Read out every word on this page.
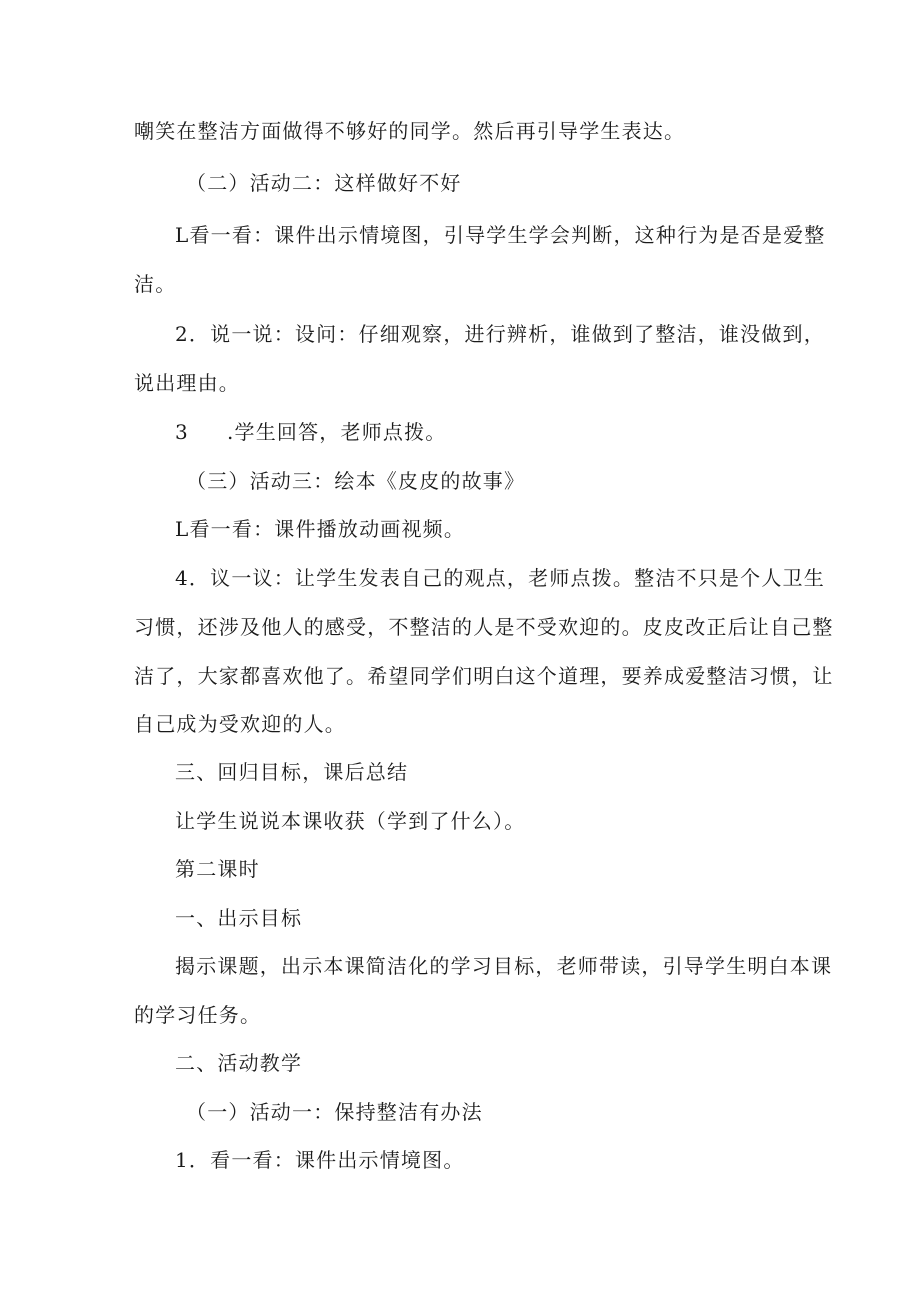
嘲笑在整洁方面做得不够好的同学。然后再引导学生表达。
（二）活动二：这样做好不好
L看一看：课件出示情境图，引导学生学会判断，这种行为是否是爱整
洁。
2．说一说：设问：仔细观察，进行辨析，谁做到了整洁，谁没做到，
说出理由。
3 .学生回答，老师点拨。
（三）活动三：绘本《皮皮的故事》
L看一看：课件播放动画视频。
4．议一议：让学生发表自己的观点，老师点拨。整洁不只是个人卫生
习惯，还涉及他人的感受，不整洁的人是不受欢迎的。皮皮改正后让自己整
洁了，大家都喜欢他了。希望同学们明白这个道理，要养成爱整洁习惯，让
自己成为受欢迎的人。
三、回归目标，课后总结
让学生说说本课收获（学到了什么）。
第二课时
一、出示目标
揭示课题，出示本课简洁化的学习目标，老师带读，引导学生明白本课
的学习任务。
二、活动教学
（一）活动一：保持整洁有办法
1．看一看：课件出示情境图。
